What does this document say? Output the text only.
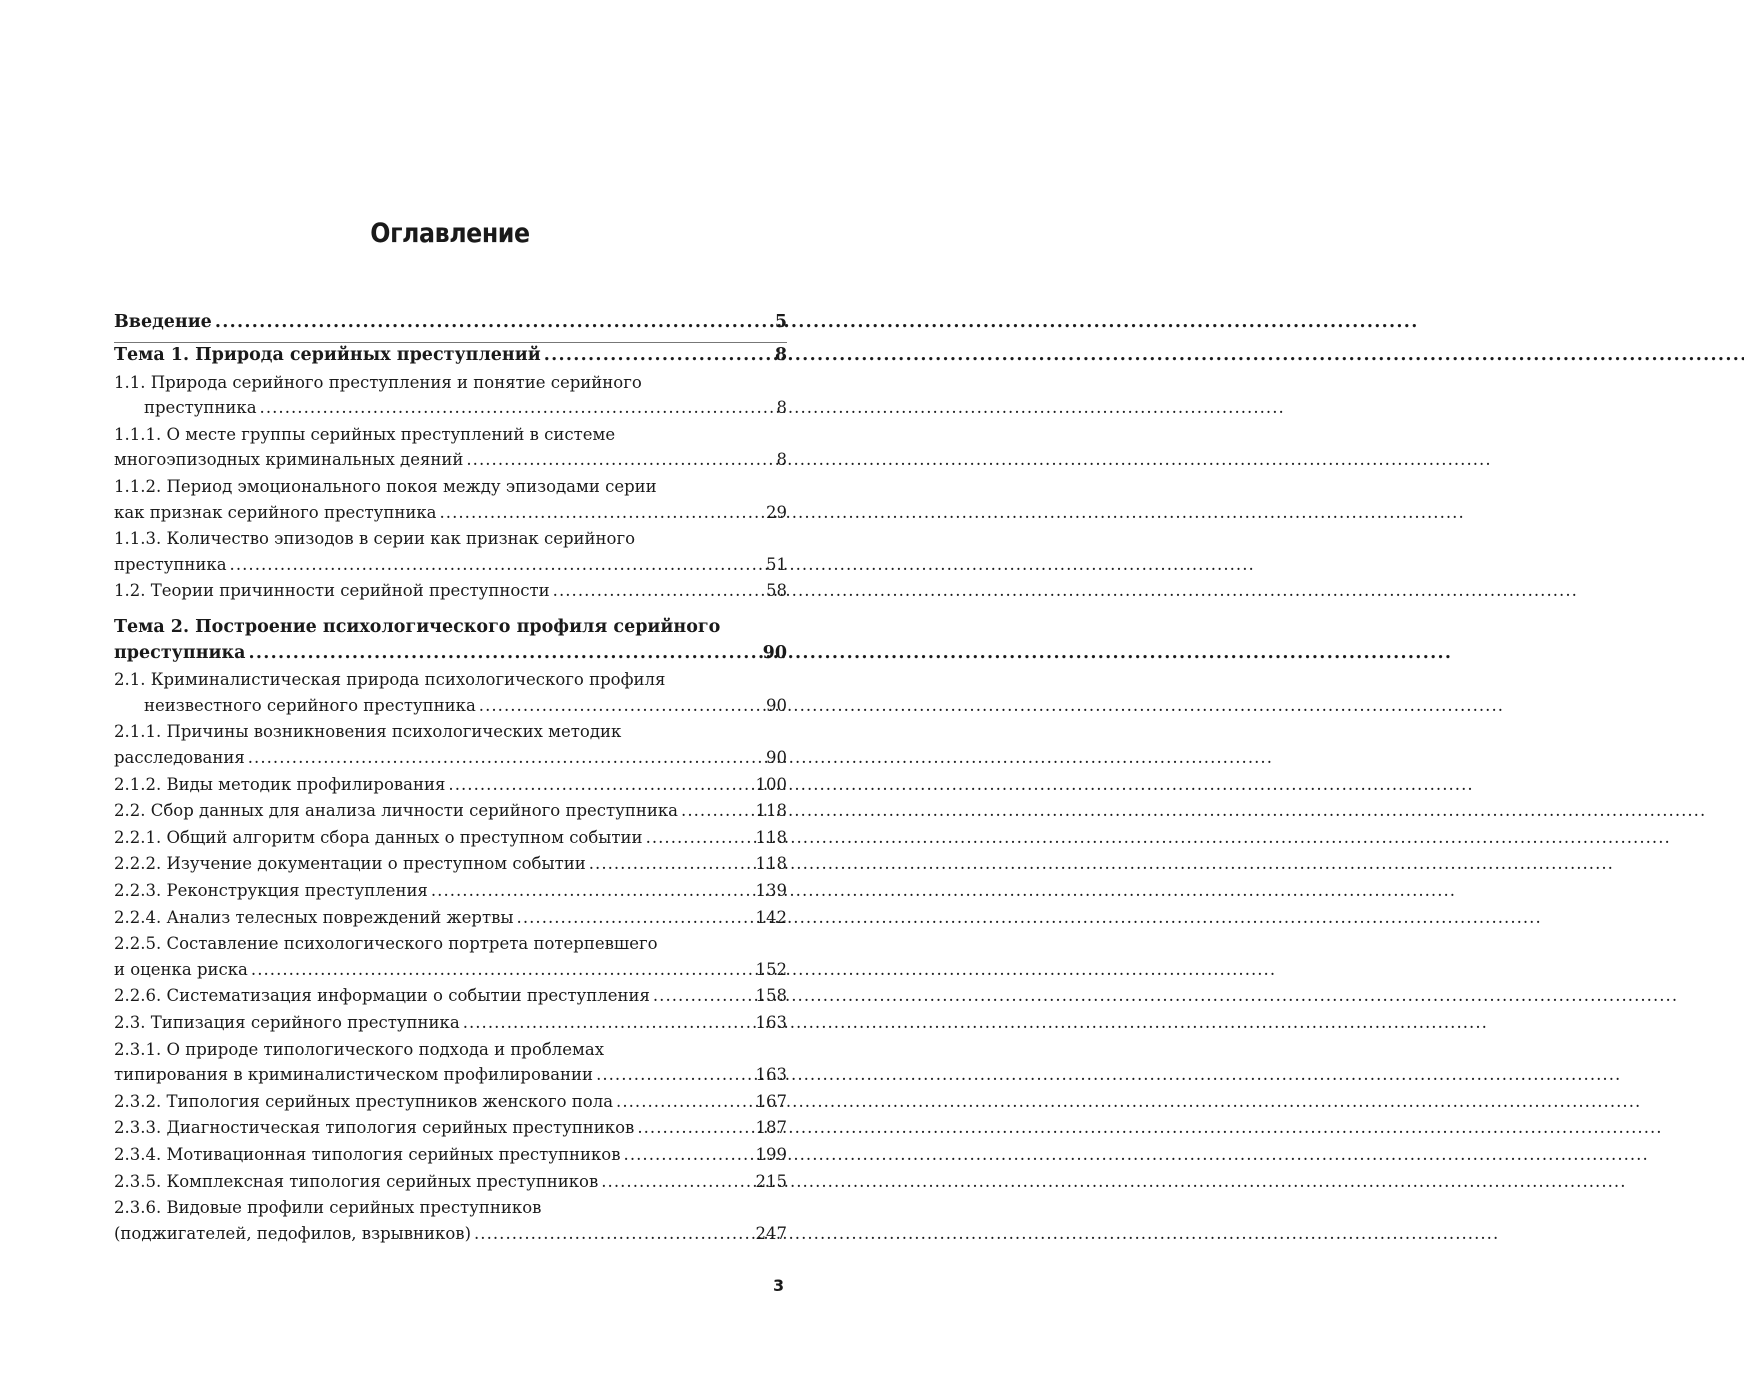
Оглавление
Введение . . .	5
Тема 1. Природа серийных преступлений . . .	8
1.1. Природа серийного преступления и понятие серийного
преступника . . .	8
1.1.1. О месте группы серийных преступлений в системе
многоэпизодных криминальных деяний . . .	8
1.1.2. Период эмоционального покоя между эпизодами серии
как признак серийного преступника . . .	29
1.1.3. Количество эпизодов в серии как признак серийного
преступника . . .	51
1.2. Теории причинности серийной преступности . . .	58
Тема 2. Построение психологического профиля серийного
преступника . . .	90
2.1. Криминалистическая природа психологического профиля
неизвестного серийного преступника . . .	90
2.1.1. Причины возникновения психологических методик
расследования . . .	90
2.1.2. Виды методик профилирования . . .	100
2.2. Сбор данных для анализа личности серийного преступника . . .	118
2.2.1. Общий алгоритм сбора данных о преступном событии . . .	118
2.2.2. Изучение документации о преступном событии . . .	118
2.2.3. Реконструкция преступления . . .	139
2.2.4. Анализ телесных повреждений жертвы . . .	142
2.2.5. Составление психологического портрета потерпевшего
и оценка риска . . .	152
2.2.6. Систематизация информации о событии преступления . . .	158
2.3. Типизация серийного преступника . . .	163
2.3.1. О природе типологического подхода и проблемах
типирования в криминалистическом профилировании . . .	163
2.3.2. Типология серийных преступников женского пола . . .	167
2.3.3. Диагностическая типология серийных преступников . . .	187
2.3.4. Мотивационная типология серийных преступников . . .	199
2.3.5. Комплексная типология серийных преступников . . .	215
2.3.6. Видовые профили серийных преступников
(поджигателей, педофилов, взрывников) . . .	247
3
